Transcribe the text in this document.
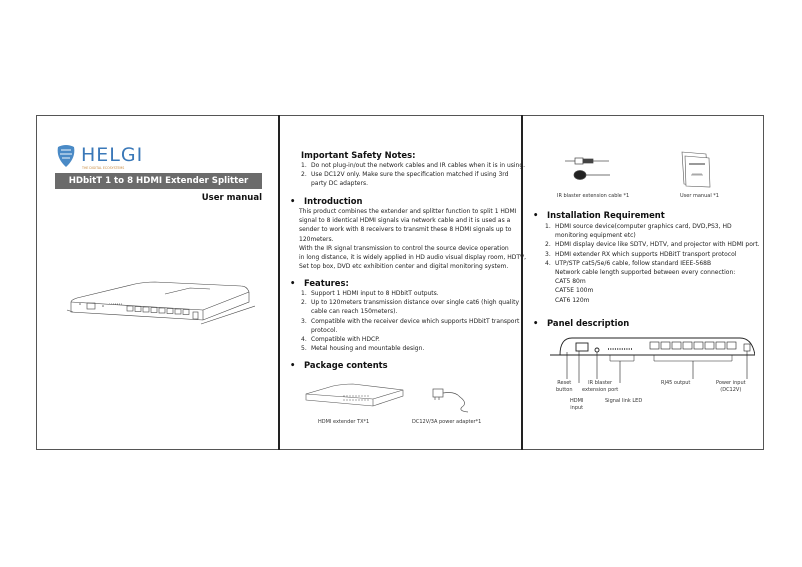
HELGI
THE DIGITAL ECOSYSTEMS
HDbitT 1 to 8 HDMI Extender Splitter
User manual
Important Safety Notes:
1. Do not plug-in/out the network cables and IR cables when it is in using.
2. Use DC12V only. Make sure the specification matched if using 3rd
party DC adapters.
• Introduction
This product combines the extender and splitter function to split 1 HDMI
signal to 8 identical HDMI signals via network cable and it is used as a
sender to work with 8 receivers to transmit these 8 HDMI signals up to
120meters.
With the IR signal transmission to control the source device operation
in long distance, it is widely applied in HD audio visual display room, HDTV,
Set top box, DVD etc exhibition center and digital monitoring system.
• Features:
1. Support 1 HDMI input to 8 HDbitT outputs.
2. Up to 120meters transmission distance over single cat6 (high quality
cable can reach 150meters).
3. Compatible with the receiver device which supports HDbitT transport
protocol.
4. Compatible with HDCP.
5. Metal housing and mountable design.
• Package contents
HDMI extender TX*1	DC12V/3A power adapter*1
IR blaster extension cable *1	User manual *1
• Installation Requirement
1. HDMI source device(computer graphics card, DVD,PS3, HD
monitoring equipment etc)
2. HDMI display device like SDTV, HDTV, and projector with HDMI port.
3. HDMI extender RX which supports HDBitT transport protocol
4. UTP/STP cat5/5e/6 cable, follow standard IEEE-568B
Network cable length supported between every connection:
CAT5 80m
CAT5E 100m
CAT6 120m
• Panel description
Reset
button
HDMI
input
IR blaster
extension port
Signal link LED
RJ45 output	Power input
(DC12V)
